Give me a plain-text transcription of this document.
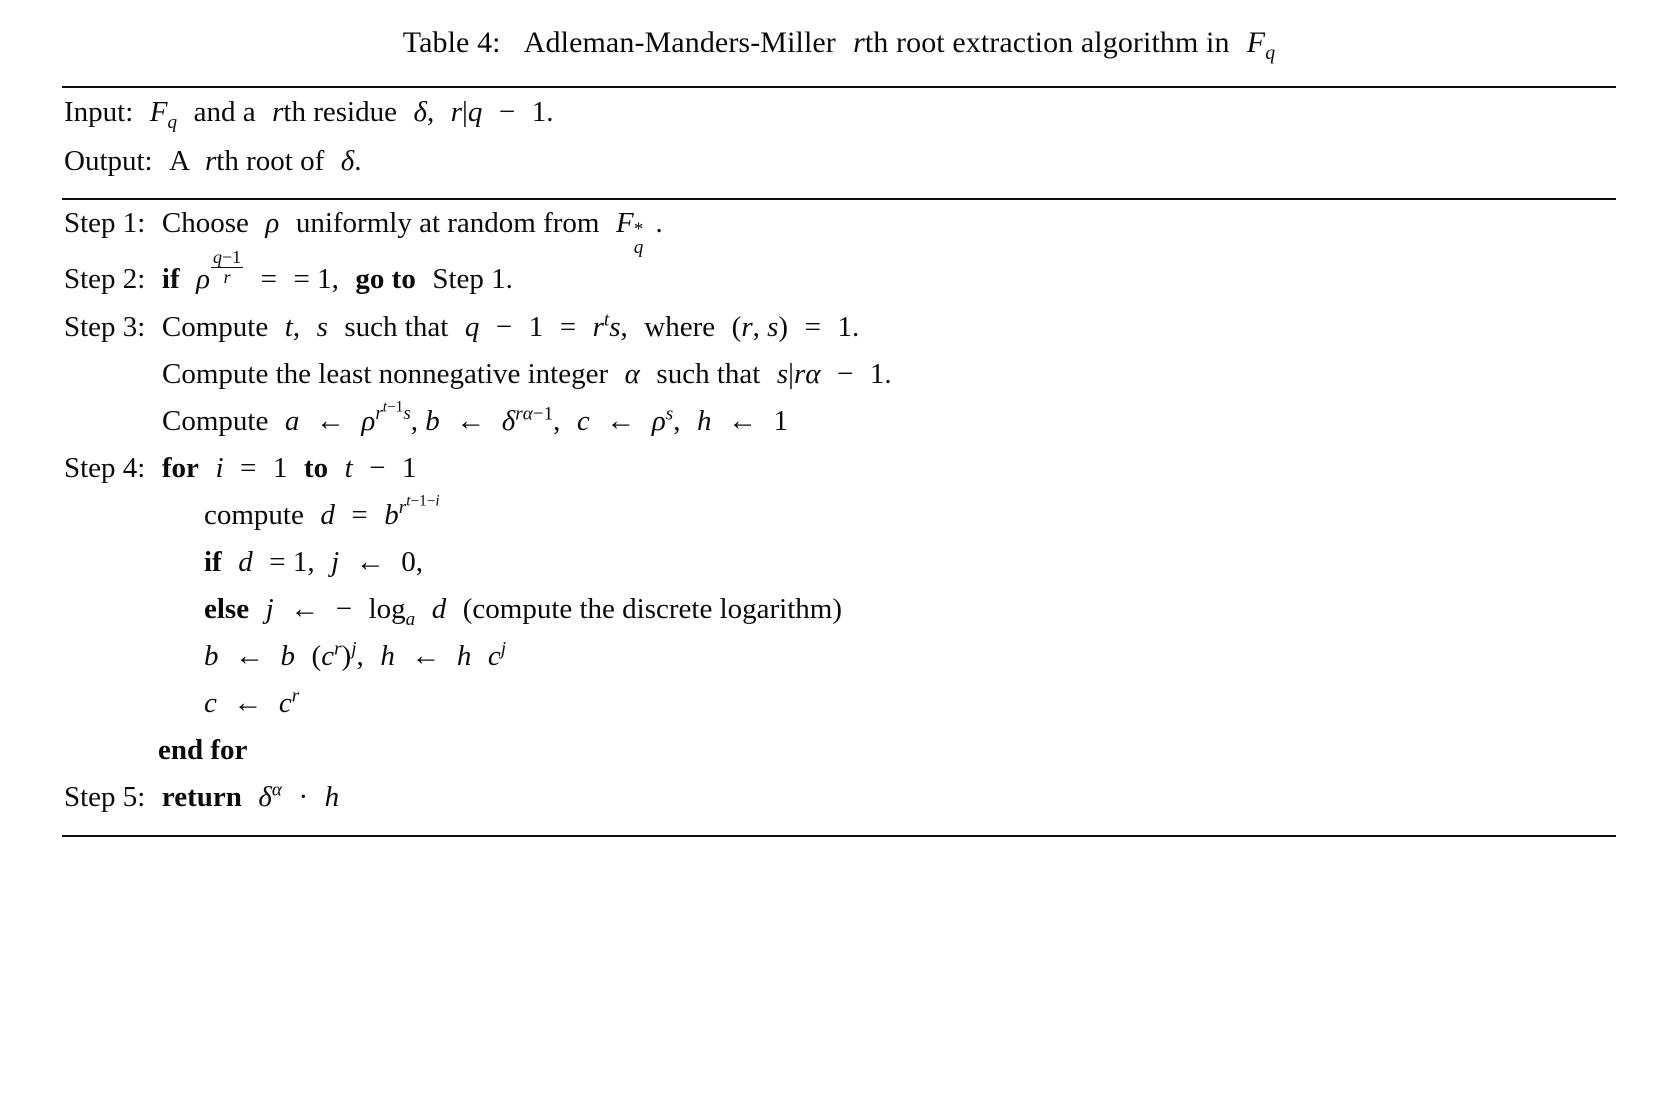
Table 4: Adleman-Manders-Miller rth root extraction algorithm in $F_q$
Input: $F_q$ and a rth residue δ, r|q − 1.
Output: A rth root of δ.
Step 1: Choose ρ uniformly at random from F *
q
.
Step 2: if ρ $\frac{q-1}{r}$ = = 1, go to Step 1.
Step 3: Compute t, s such that $q - 1 = r^ts$, where (r, s) = 1.
Compute the least nonnegative integer α such that s|rα − 1.
Compute a ← $\rho^{r^{t-1}s}$, b ← $\delta^{r\alpha-1}$, c ← $\rho^s$, h ← 1
Step 4: for i = 1 to t − 1
compute $d = b^{r^{t-1-i}}$
if d = 1, j ← 0,
else j ← − $\log_a d$ (compute the discrete logarithm)
b ← b $(c^r)^j$, h ← h $c^j$
c ← $c^r$
end for
Step 5: return $\delta^\alpha \cdot h$
